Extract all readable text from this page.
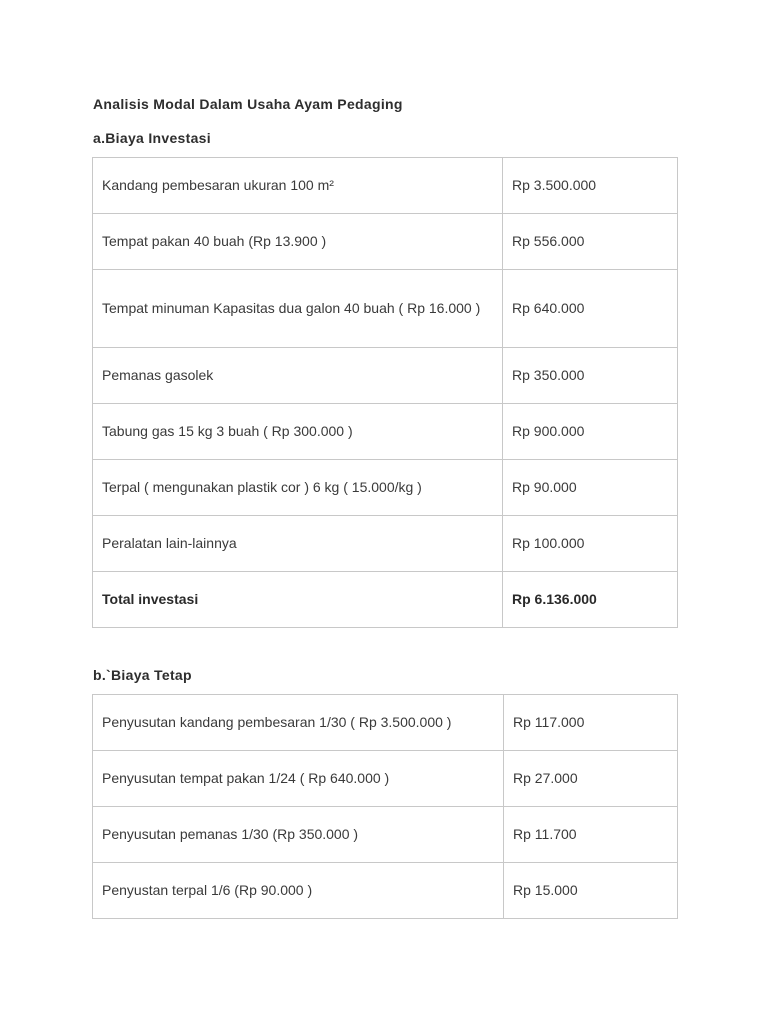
Analisis Modal Dalam Usaha Ayam Pedaging
a.Biaya Investasi
Kandang pembesaran ukuran 100 m²	Rp 3.500.000
Tempat pakan 40 buah (Rp 13.900 )	Rp 556.000
Tempat minuman Kapasitas dua galon 40 buah ( Rp 16.000 )	Rp 640.000
Pemanas gasolek	Rp 350.000
Tabung gas 15 kg 3 buah ( Rp 300.000 )	Rp 900.000
Terpal ( mengunakan plastik cor ) 6 kg ( 15.000/kg )	Rp 90.000
Peralatan lain-lainnya	Rp 100.000
Total investasi	Rp 6.136.000
b.`Biaya Tetap
Penyusutan kandang pembesaran 1/30 ( Rp 3.500.000 )	Rp 117.000
Penyusutan tempat pakan 1/24 ( Rp 640.000 )	Rp 27.000
Penyusutan pemanas 1/30 (Rp 350.000 )	Rp 11.700
Penyustan terpal 1/6 (Rp 90.000 )	Rp 15.000
